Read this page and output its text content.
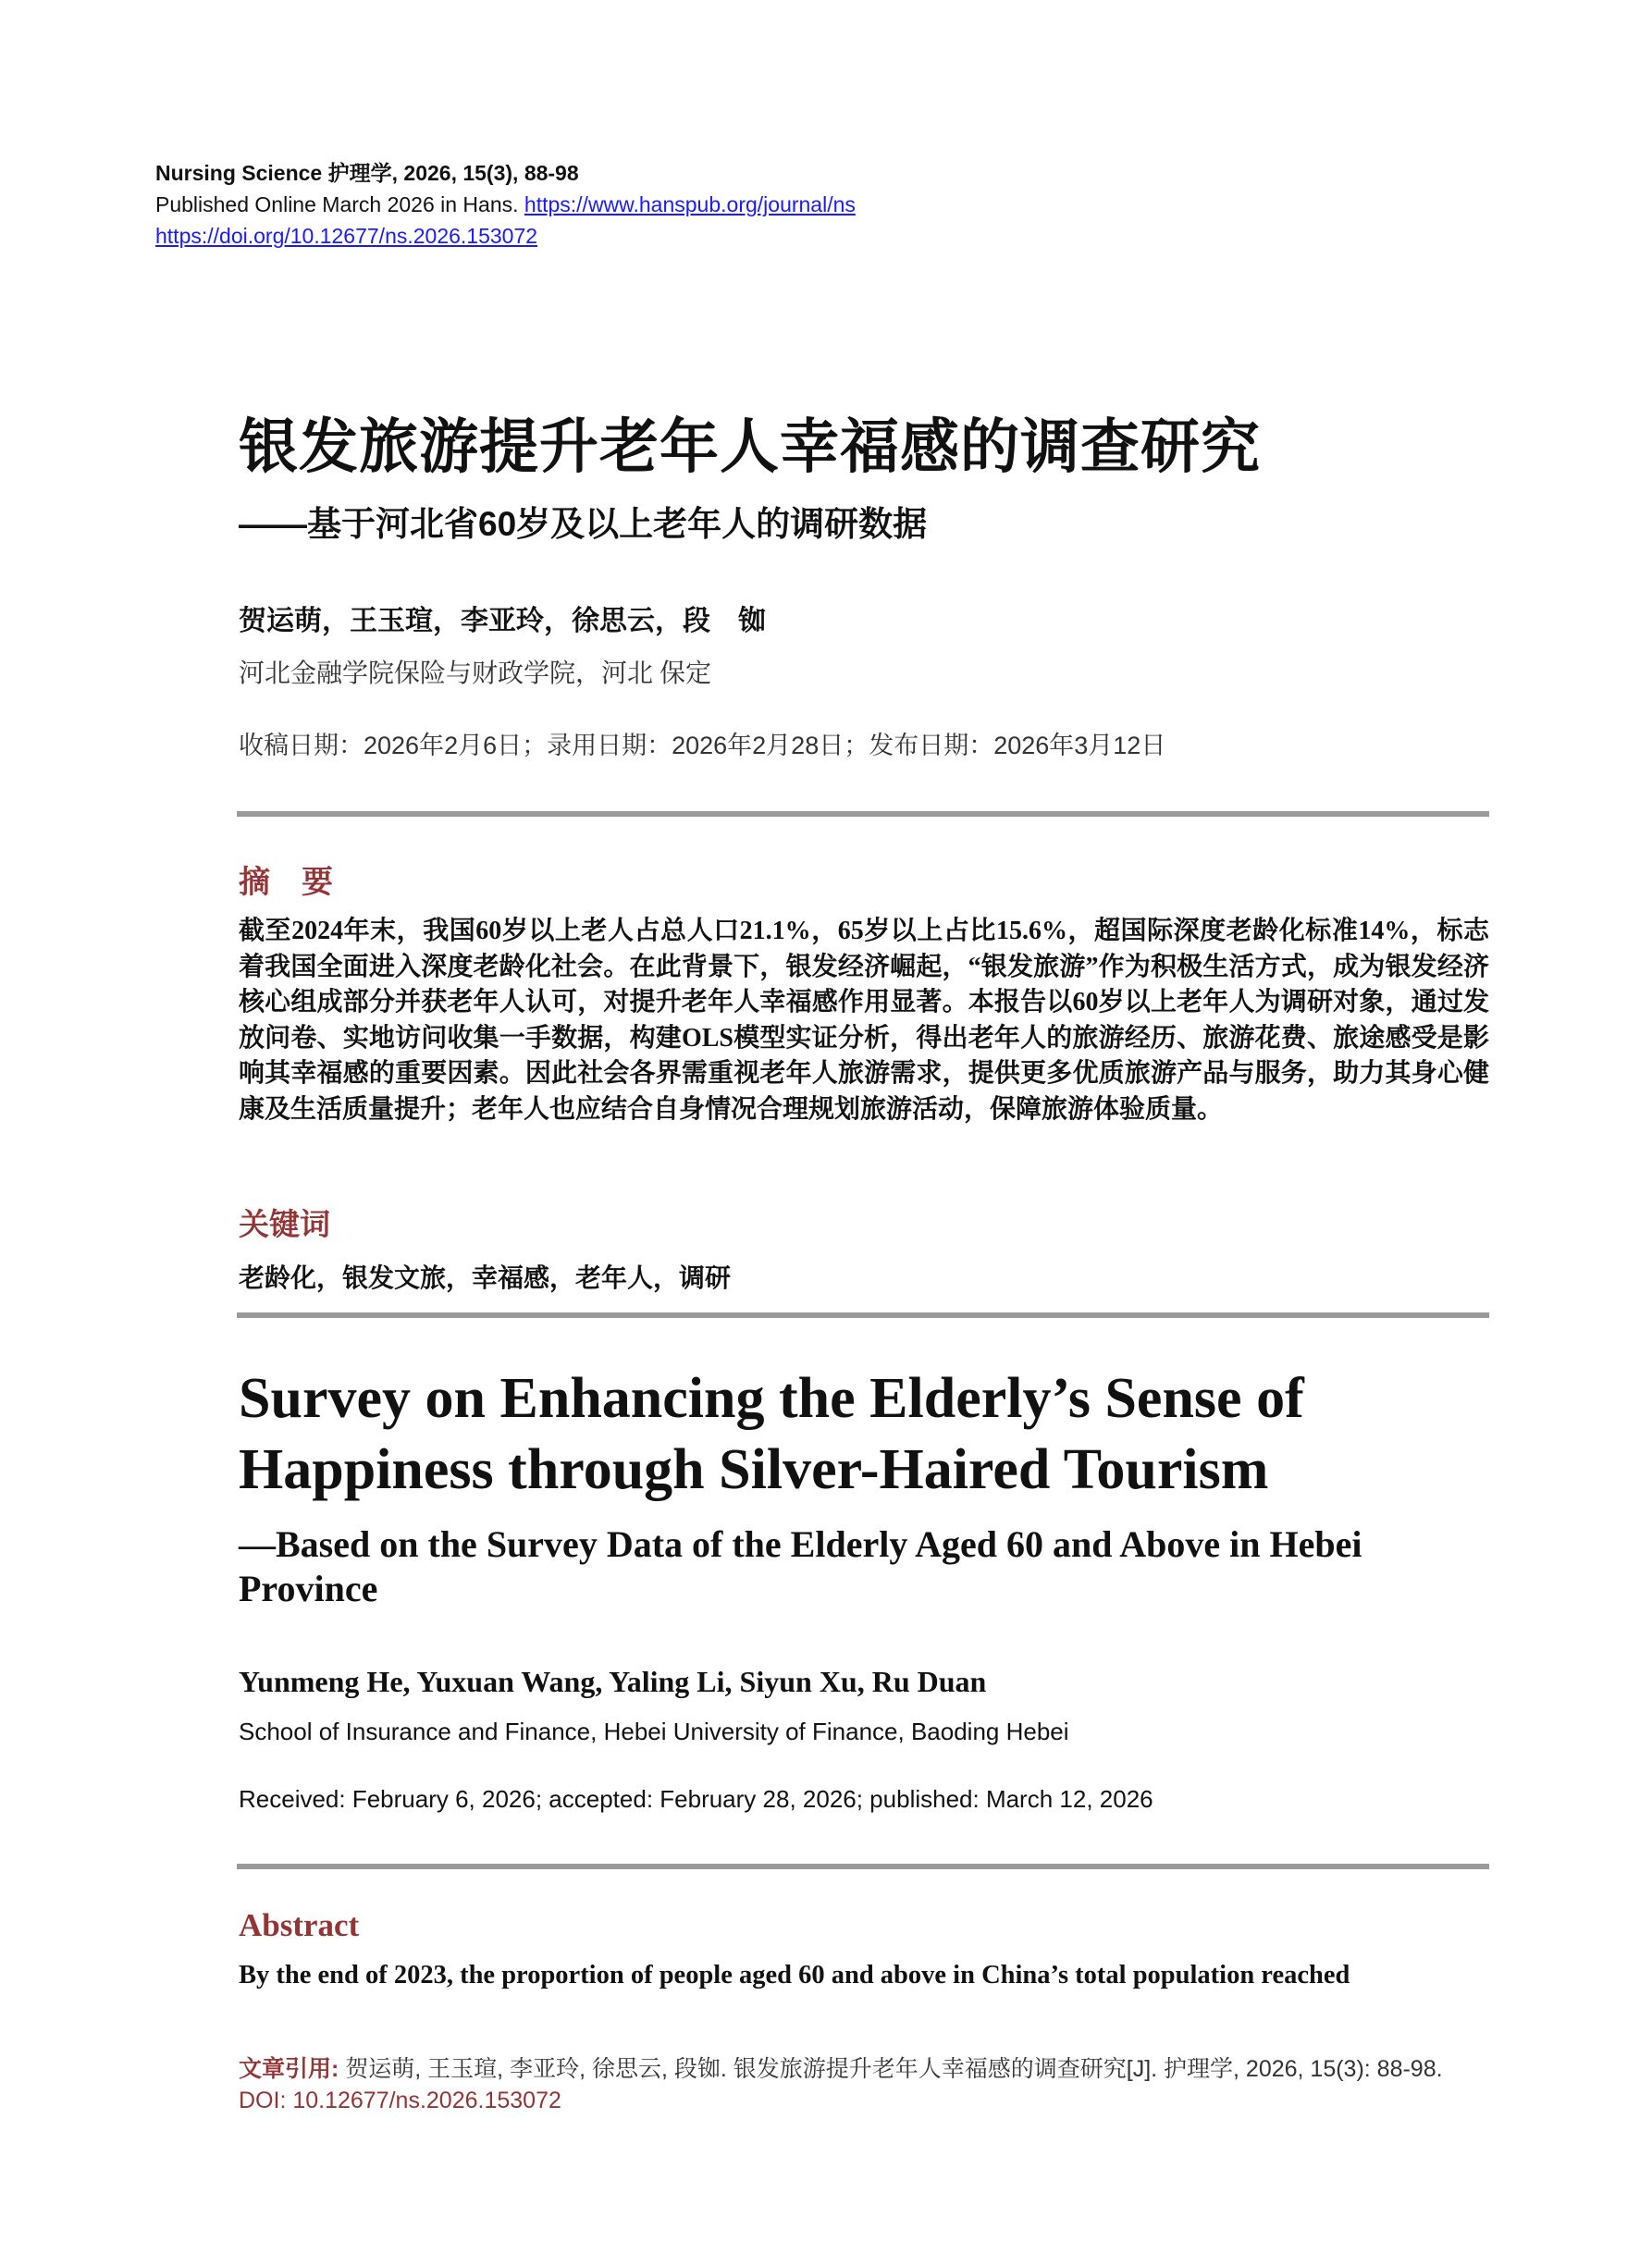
Nursing Science 护理学, 2026, 15(3), 88-98
Published Online March 2026 in Hans. https://www.hanspub.org/journal/ns
https://doi.org/10.12677/ns.2026.153072
银发旅游提升老年人幸福感的调查研究
——基于河北省60岁及以上老年人的调研数据
贺运萌，王玉瑄，李亚玲，徐思云，段　铷
河北金融学院保险与财政学院，河北 保定
收稿日期：2026年2月6日；录用日期：2026年2月28日；发布日期：2026年3月12日
摘　要
截至2024年末，我国60岁以上老人占总人口21.1%，65岁以上占比15.6%，超国际深度老龄化标准14%，标志着我国全面进入深度老龄化社会。在此背景下，银发经济崛起，“银发旅游”作为积极生活方式，成为银发经济核心组成部分并获老年人认可，对提升老年人幸福感作用显著。本报告以60岁以上老年人为调研对象，通过发放问卷、实地访问收集一手数据，构建OLS模型实证分析，得出老年人的旅游经历、旅游花费、旅途感受是影响其幸福感的重要因素。因此社会各界需重视老年人旅游需求，提供更多优质旅游产品与服务，助力其身心健康及生活质量提升；老年人也应结合自身情况合理规划旅游活动，保障旅游体验质量。
关键词
老龄化，银发文旅，幸福感，老年人，调研
Survey on Enhancing the Elderly’s Sense of
Happiness through Silver-Haired Tourism
—Based on the Survey Data of the Elderly Aged 60 and Above in Hebei Province
Yunmeng He, Yuxuan Wang, Yaling Li, Siyun Xu, Ru Duan
School of Insurance and Finance, Hebei University of Finance, Baoding Hebei
Received: February 6, 2026; accepted: February 28, 2026; published: March 12, 2026
Abstract
By the end of 2023, the proportion of people aged 60 and above in China’s total population reached
文章引用: 贺运萌, 王玉瑄, 李亚玲, 徐思云, 段铷. 银发旅游提升老年人幸福感的调查研究[J]. 护理学, 2026, 15(3): 88-98. DOI: 10.12677/ns.2026.153072
